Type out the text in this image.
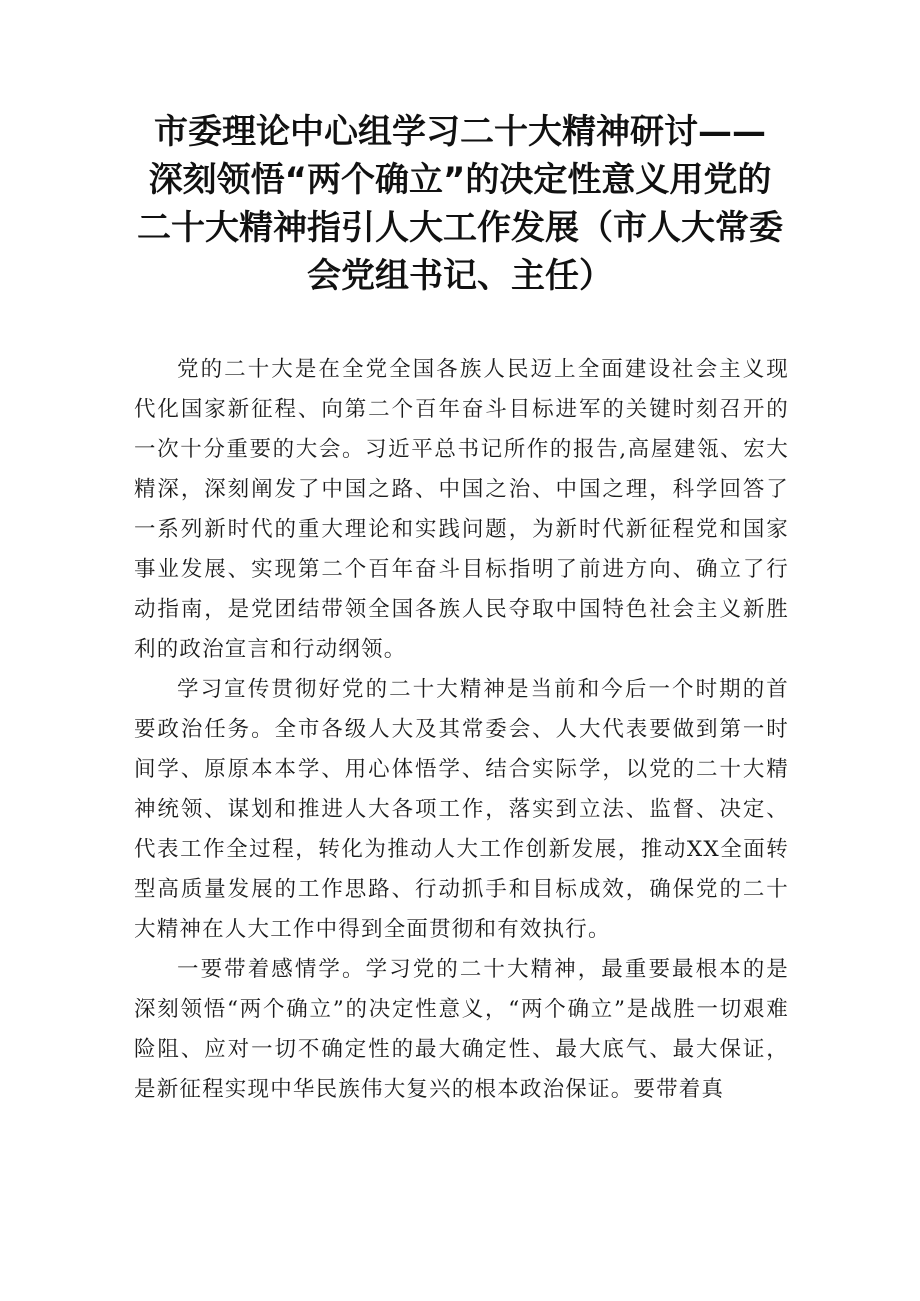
市委理论中心组学习二十大精神研讨——
深刻领悟“两个确立”的决定性意义用党的
二十大精神指引人大工作发展（市人大常委
会党组书记、主任）

党的二十大是在全党全国各族人民迈上全面建设社会主义现代化国家新征程、向第二个百年奋斗目标进军的关键时刻召开的一次十分重要的大会。习近平总书记所作的报告,高屋建瓴、宏大精深，深刻阐发了中国之路、中国之治、中国之理，科学回答了一系列新时代的重大理论和实践问题，为新时代新征程党和国家事业发展、实现第二个百年奋斗目标指明了前进方向、确立了行动指南，是党团结带领全国各族人民夺取中国特色社会主义新胜利的政治宣言和行动纲领。

学习宣传贯彻好党的二十大精神是当前和今后一个时期的首要政治任务。全市各级人大及其常委会、人大代表要做到第一时间学、原原本本学、用心体悟学、结合实际学，以党的二十大精神统领、谋划和推进人大各项工作，落实到立法、监督、决定、代表工作全过程，转化为推动人大工作创新发展，推动XX全面转型高质量发展的工作思路、行动抓手和目标成效，确保党的二十大精神在人大工作中得到全面贯彻和有效执行。

一要带着感情学。学习党的二十大精神，最重要最根本的是深刻领悟“两个确立”的决定性意义，“两个确立”是战胜一切艰难险阻、应对一切不确定性的最大确定性、最大底气、最大保证，是新征程实现中华民族伟大复兴的根本政治保证。要带着真
